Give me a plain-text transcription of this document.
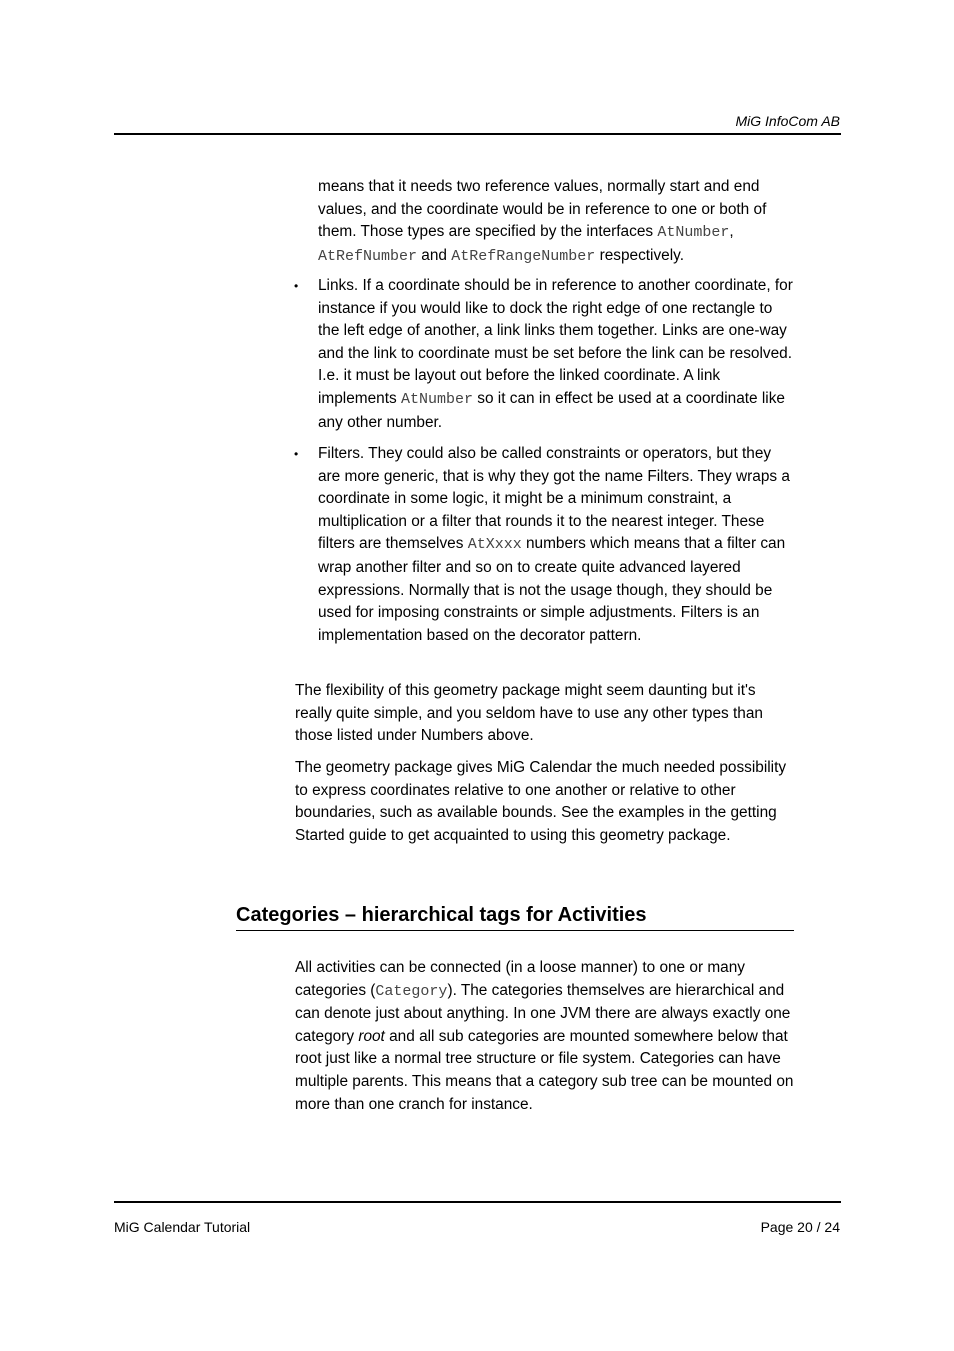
MiG InfoCom AB
means that it needs two reference values, normally start and end values, and the coordinate would be in reference to one or both of them. Those types are specified by the interfaces AtNumber, AtRefNumber and AtRefRangeNumber respectively.
• Links. If a coordinate should be in reference to another coordinate, for instance if you would like to dock the right edge of one rectangle to the left edge of another, a link links them together. Links are one-way and the link to coordinate must be set before the link can be resolved. I.e. it must be layout out before the linked coordinate. A link implements AtNumber so it can in effect be used at a coordinate like any other number.
• Filters. They could also be called constraints or operators, but they are more generic, that is why they got the name Filters. They wraps a coordinate in some logic, it might be a minimum constraint, a multiplication or a filter that rounds it to the nearest integer. These filters are themselves AtXxxx numbers which means that a filter can wrap another filter and so on to create quite advanced layered expressions. Normally that is not the usage though, they should be used for imposing constraints or simple adjustments. Filters is an implementation based on the decorator pattern.
The flexibility of this geometry package might seem daunting but it's really quite simple, and you seldom have to use any other types than those listed under Numbers above.
The geometry package gives MiG Calendar the much needed possibility to express coordinates relative to one another or relative to other boundaries, such as available bounds. See the examples in the getting Started guide to get acquainted to using this geometry package.
Categories – hierarchical tags for Activities
All activities can be connected (in a loose manner) to one or many categories (Category). The categories themselves are hierarchical and can denote just about anything. In one JVM there are always exactly one category root and all sub categories are mounted somewhere below that root just like a normal tree structure or file system. Categories can have multiple parents. This means that a category sub tree can be mounted on more than one cranch for instance.
MiG Calendar Tutorial	Page 20 / 24
